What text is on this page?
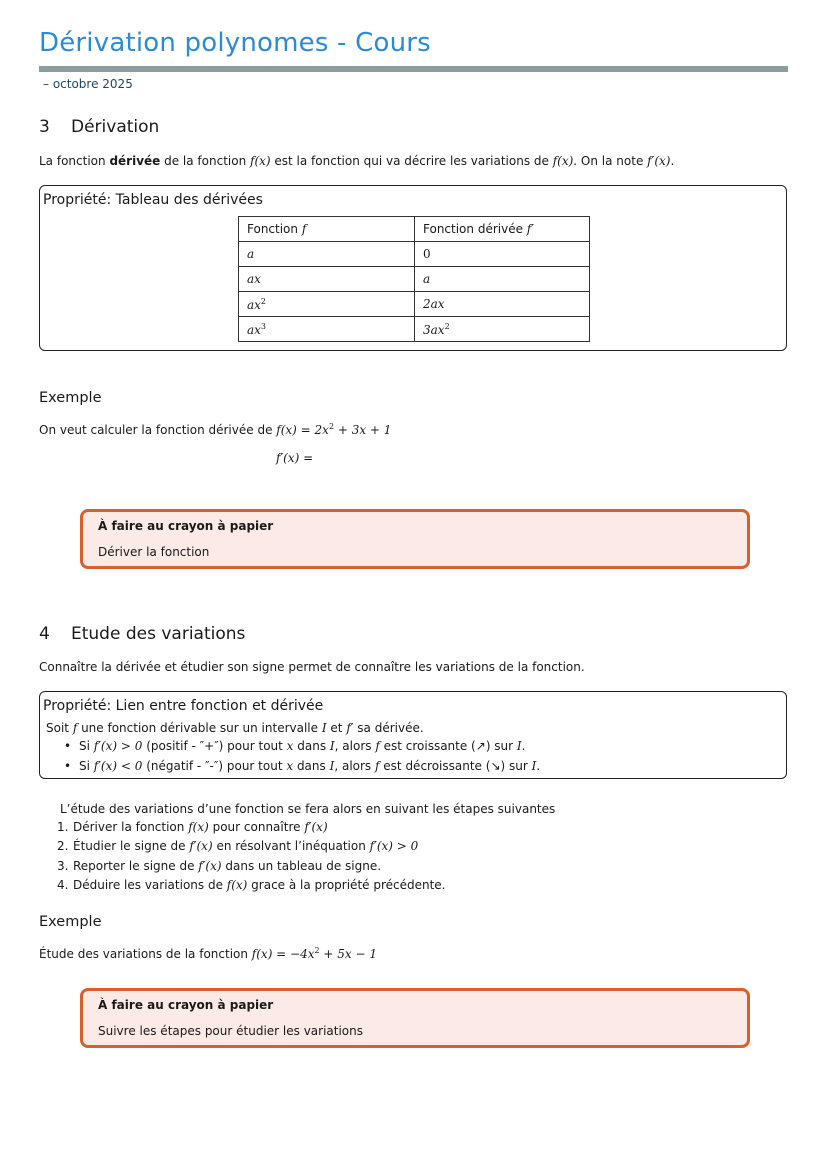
Dérivation polynomes - Cours
– octobre 2025
3 Dérivation
La fonction dérivée de la fonction f(x) est la fonction qui va décrire les variations de f(x). On la note f′(x).
Propriété: Tableau des dérivées
Fonction f	Fonction dérivée f′
a	0
ax	a
$ax^2$	2ax
$ax^3$	$3ax^2$
Exemple
On veut calculer la fonction dérivée de $f(x) = 2x^2 + 3x + 1$
f′(x) =
À faire au crayon à papier
Dériver la fonction
4 Etude des variations
Connaître la dérivée et étudier son signe permet de connaître les variations de la fonction.
Propriété: Lien entre fonction et dérivée
Soit f une fonction dérivable sur un intervalle I et f′ sa dérivée.
• Si f′(x) > 0 (positif - ″+″) pour tout x dans I, alors f est croissante (↗) sur I.
• Si f′(x) < 0 (négatif - ″-″) pour tout x dans I, alors f est décroissante (↘) sur I.
L’étude des variations d’une fonction se fera alors en suivant les étapes suivantes
1. Dériver la fonction f(x) pour connaître f′(x)
2. Étudier le signe de f′(x) en résolvant l’inéquation f′(x) > 0
3. Reporter le signe de f′(x) dans un tableau de signe.
4. Déduire les variations de f(x) grace à la propriété précédente.
Exemple
Étude des variations de la fonction $f(x) = -4x^2 + 5x - 1$
À faire au crayon à papier
Suivre les étapes pour étudier les variations
